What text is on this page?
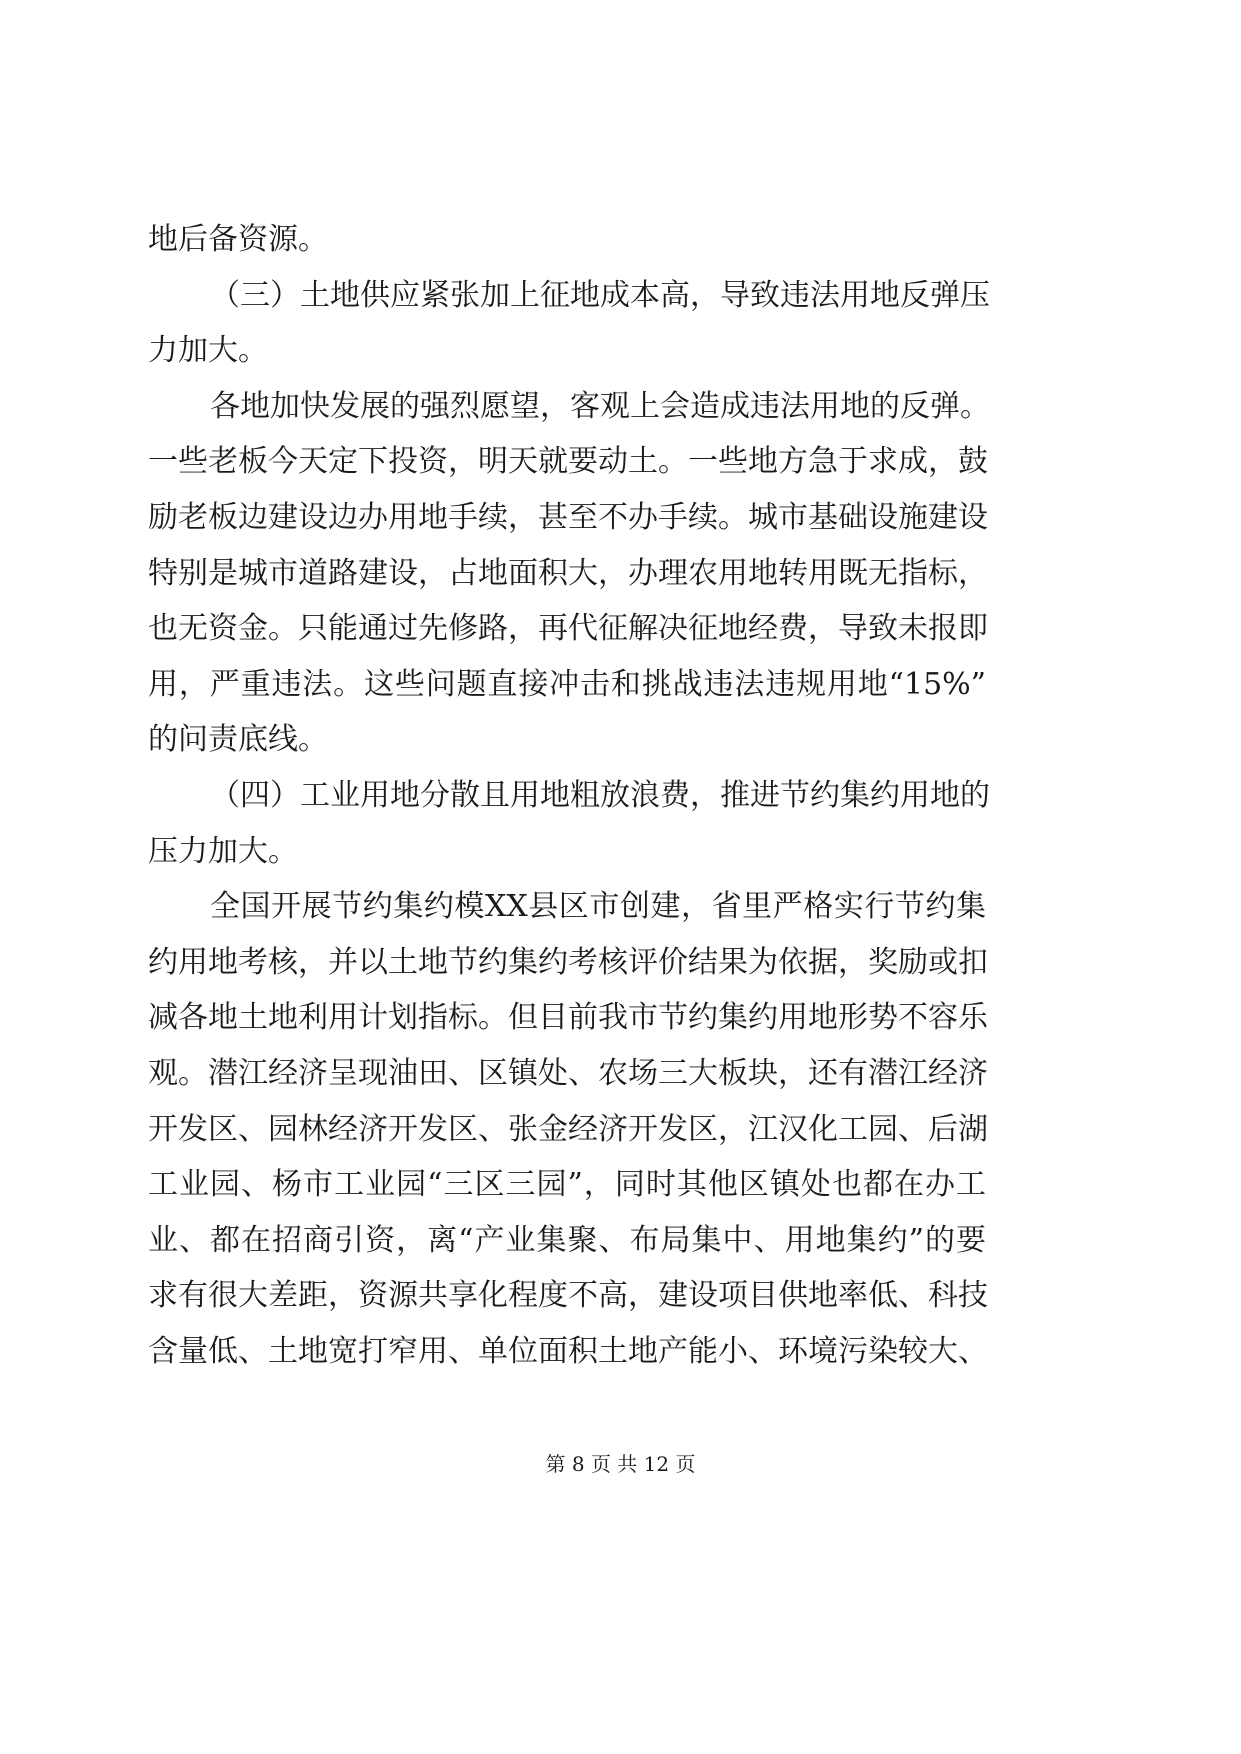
地后备资源。
（三）土地供应紧张加上征地成本高，导致违法用地反弹压
力加大。
各地加快发展的强烈愿望，客观上会造成违法用地的反弹。
一些老板今天定下投资，明天就要动土。一些地方急于求成，鼓
励老板边建设边办用地手续，甚至不办手续。城市基础设施建设
特别是城市道路建设，占地面积大，办理农用地转用既无指标，
也无资金。只能通过先修路，再代征解决征地经费，导致未报即
用，严重违法。这些问题直接冲击和挑战违法违规用地“15%”
的问责底线。
（四）工业用地分散且用地粗放浪费，推进节约集约用地的
压力加大。
全国开展节约集约模XX县区市创建，省里严格实行节约集
约用地考核，并以土地节约集约考核评价结果为依据，奖励或扣
减各地土地利用计划指标。但目前我市节约集约用地形势不容乐
观。潜江经济呈现油田、区镇处、农场三大板块，还有潜江经济
开发区、园林经济开发区、张金经济开发区，江汉化工园、后湖
工业园、杨市工业园“三区三园”，同时其他区镇处也都在办工
业、都在招商引资，离“产业集聚、布局集中、用地集约”的要
求有很大差距，资源共享化程度不高，建设项目供地率低、科技
含量低、土地宽打窄用、单位面积土地产能小、环境污染较大、
第 8 页 共 12 页
